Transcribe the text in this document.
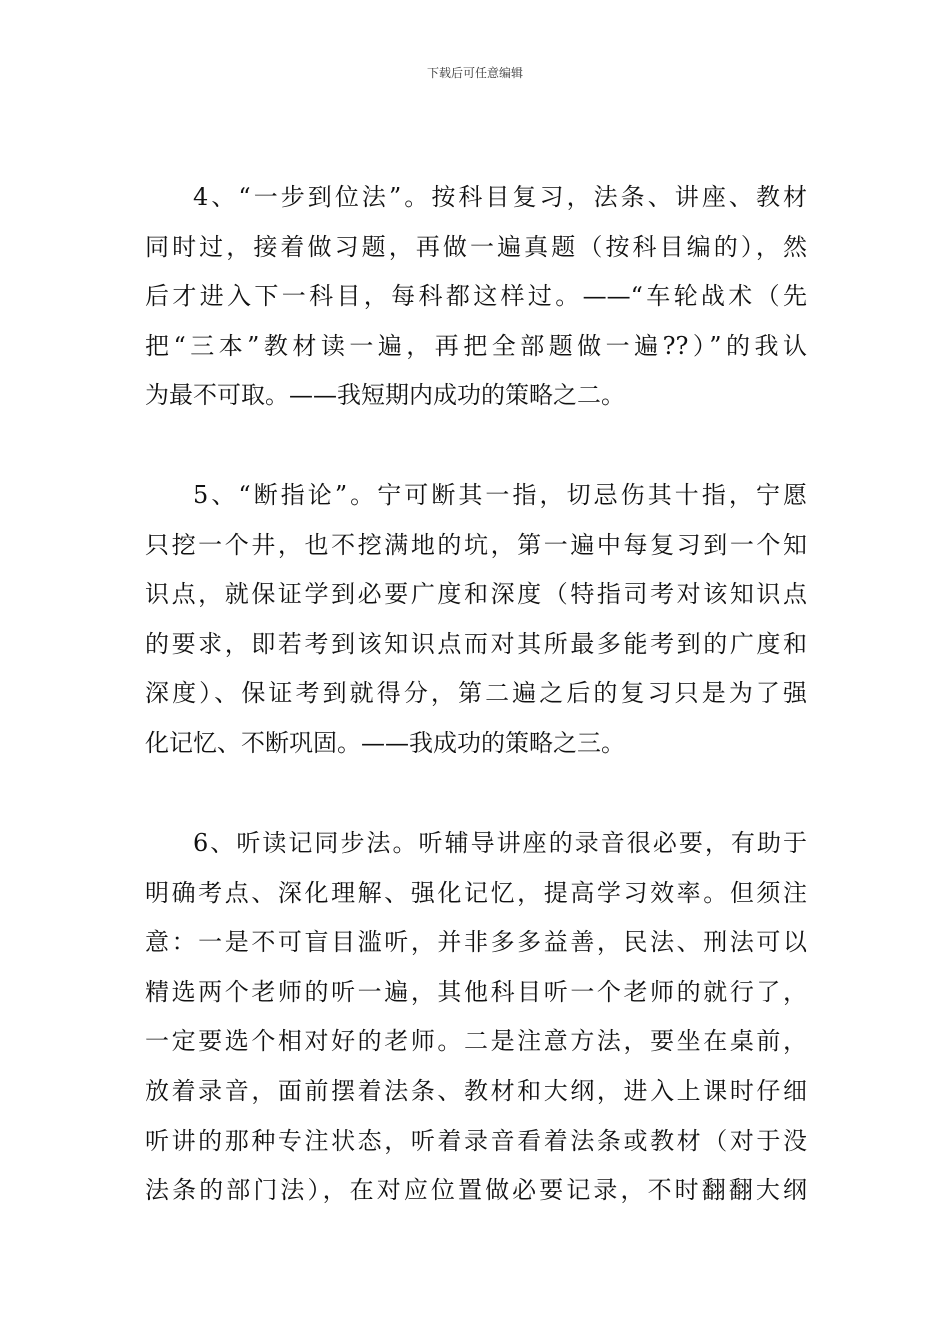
下载后可任意编辑
4、“一步到位法”。按科目复习，法条、讲座、教材
同时过，接着做习题，再做一遍真题（按科目编的），然
后才进入下一科目，每科都这样过。——“车轮战术（先
把“三本”教材读一遍，再把全部题做一遍??）”的我认
为最不可取。——我短期内成功的策略之二。
5、“断指论”。宁可断其一指，切忌伤其十指，宁愿
只挖一个井，也不挖满地的坑，第一遍中每复习到一个知
识点，就保证学到必要广度和深度（特指司考对该知识点
的要求，即若考到该知识点而对其所最多能考到的广度和
深度）、保证考到就得分，第二遍之后的复习只是为了强
化记忆、不断巩固。——我成功的策略之三。
6、听读记同步法。听辅导讲座的录音很必要，有助于
明确考点、深化理解、强化记忆，提高学习效率。但须注
意：一是不可盲目滥听，并非多多益善，民法、刑法可以
精选两个老师的听一遍，其他科目听一个老师的就行了，
一定要选个相对好的老师。二是注意方法，要坐在桌前，
放着录音，面前摆着法条、教材和大纲，进入上课时仔细
听讲的那种专注状态，听着录音看着法条或教材（对于没
法条的部门法），在对应位置做必要记录，不时翻翻大纲
